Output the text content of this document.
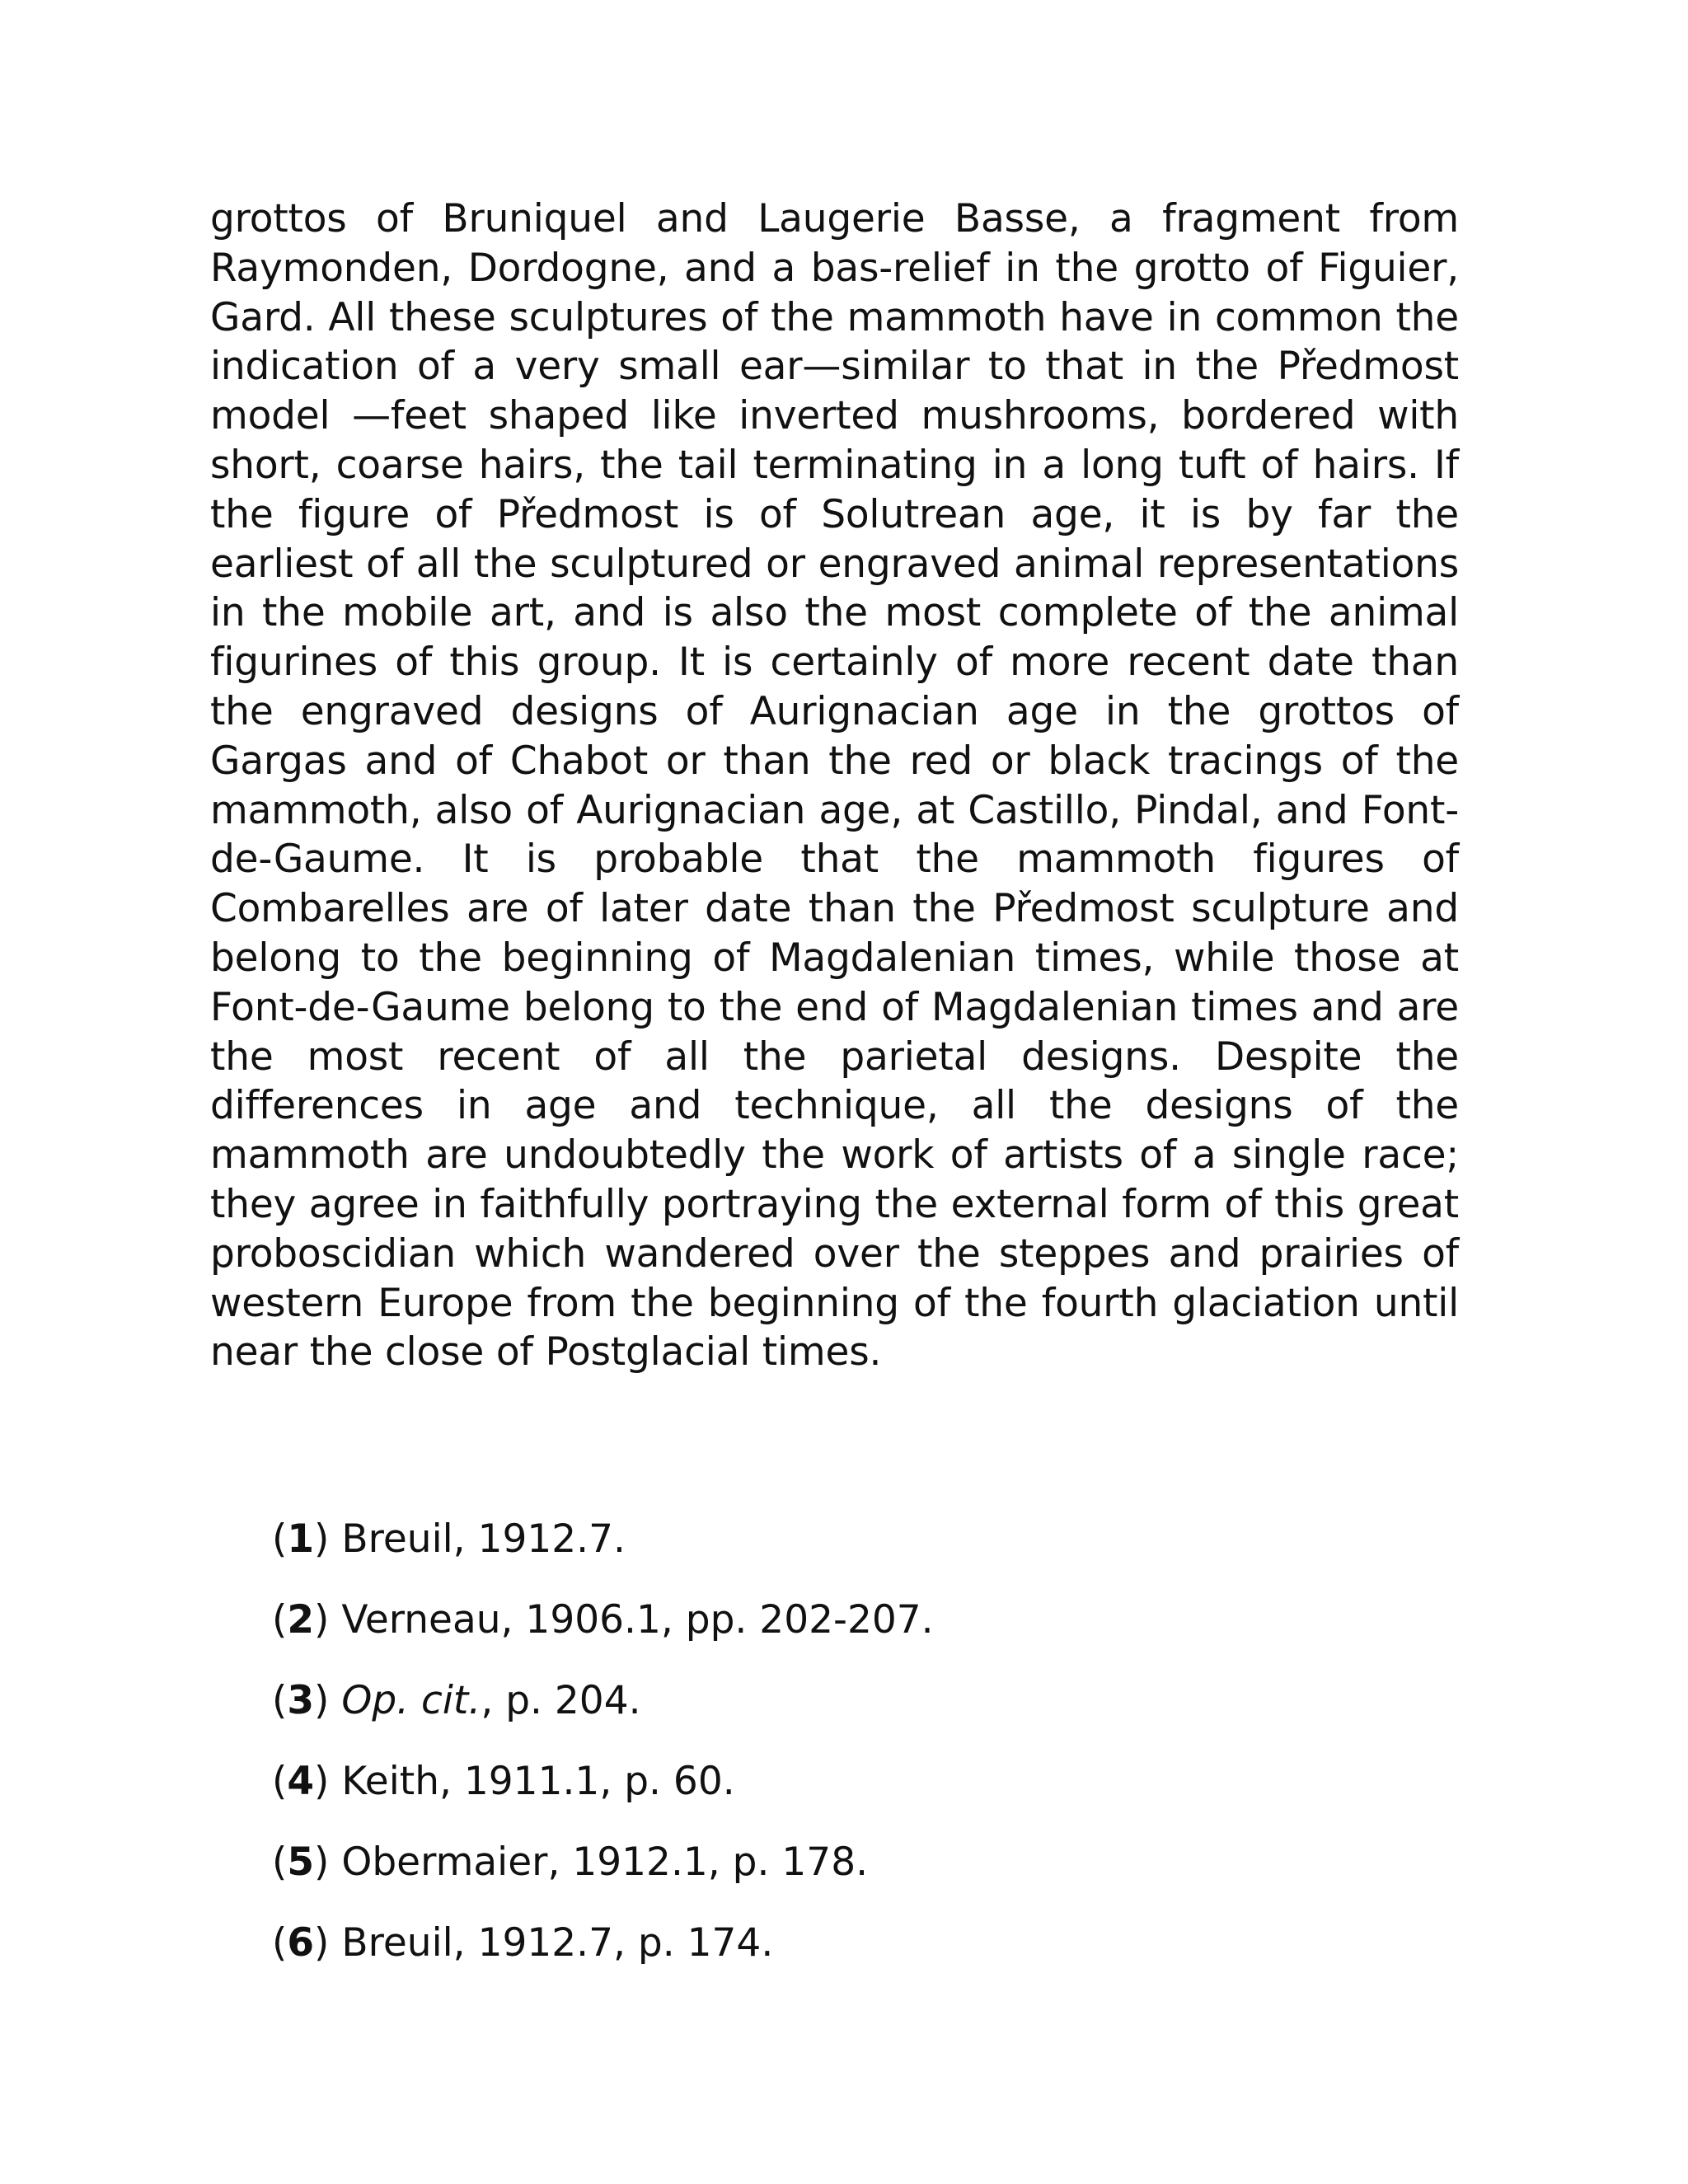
grottos of Bruniquel and Laugerie Basse, a fragment from Raymonden, Dordogne, and a bas-relief in the grotto of Figuier, Gard. All these sculptures of the mammoth have in common the indication of a very small ear—similar to that in the Předmost model —feet shaped like inverted mushrooms, bordered with short, coarse hairs, the tail terminating in a long tuft of hairs. If the figure of Předmost is of Solutrean age, it is by far the earliest of all the sculptured or engraved animal representations in the mobile art, and is also the most complete of the animal figurines of this group. It is certainly of more recent date than the engraved designs of Aurignacian age in the grottos of Gargas and of Chabot or than the red or black tracings of the mammoth, also of Aurignacian age, at Castillo, Pindal, and Font-de-Gaume. It is probable that the mammoth figures of Combarelles are of later date than the Předmost sculpture and belong to the beginning of Magdalenian times, while those at Font-de-Gaume belong to the end of Magdalenian times and are the most recent of all the parietal designs. Despite the differences in age and technique, all the designs of the mammoth are undoubtedly the work of artists of a single race; they agree in faithfully portraying the external form of this great proboscidian which wandered over the steppes and prairies of western Europe from the beginning of the fourth glaciation until near the close of Postglacial times.

(1) Breuil, 1912.7.
(2) Verneau, 1906.1, pp. 202-207.
(3) Op. cit., p. 204.
(4) Keith, 1911.1, p. 60.
(5) Obermaier, 1912.1, p. 178.
(6) Breuil, 1912.7, p. 174.
